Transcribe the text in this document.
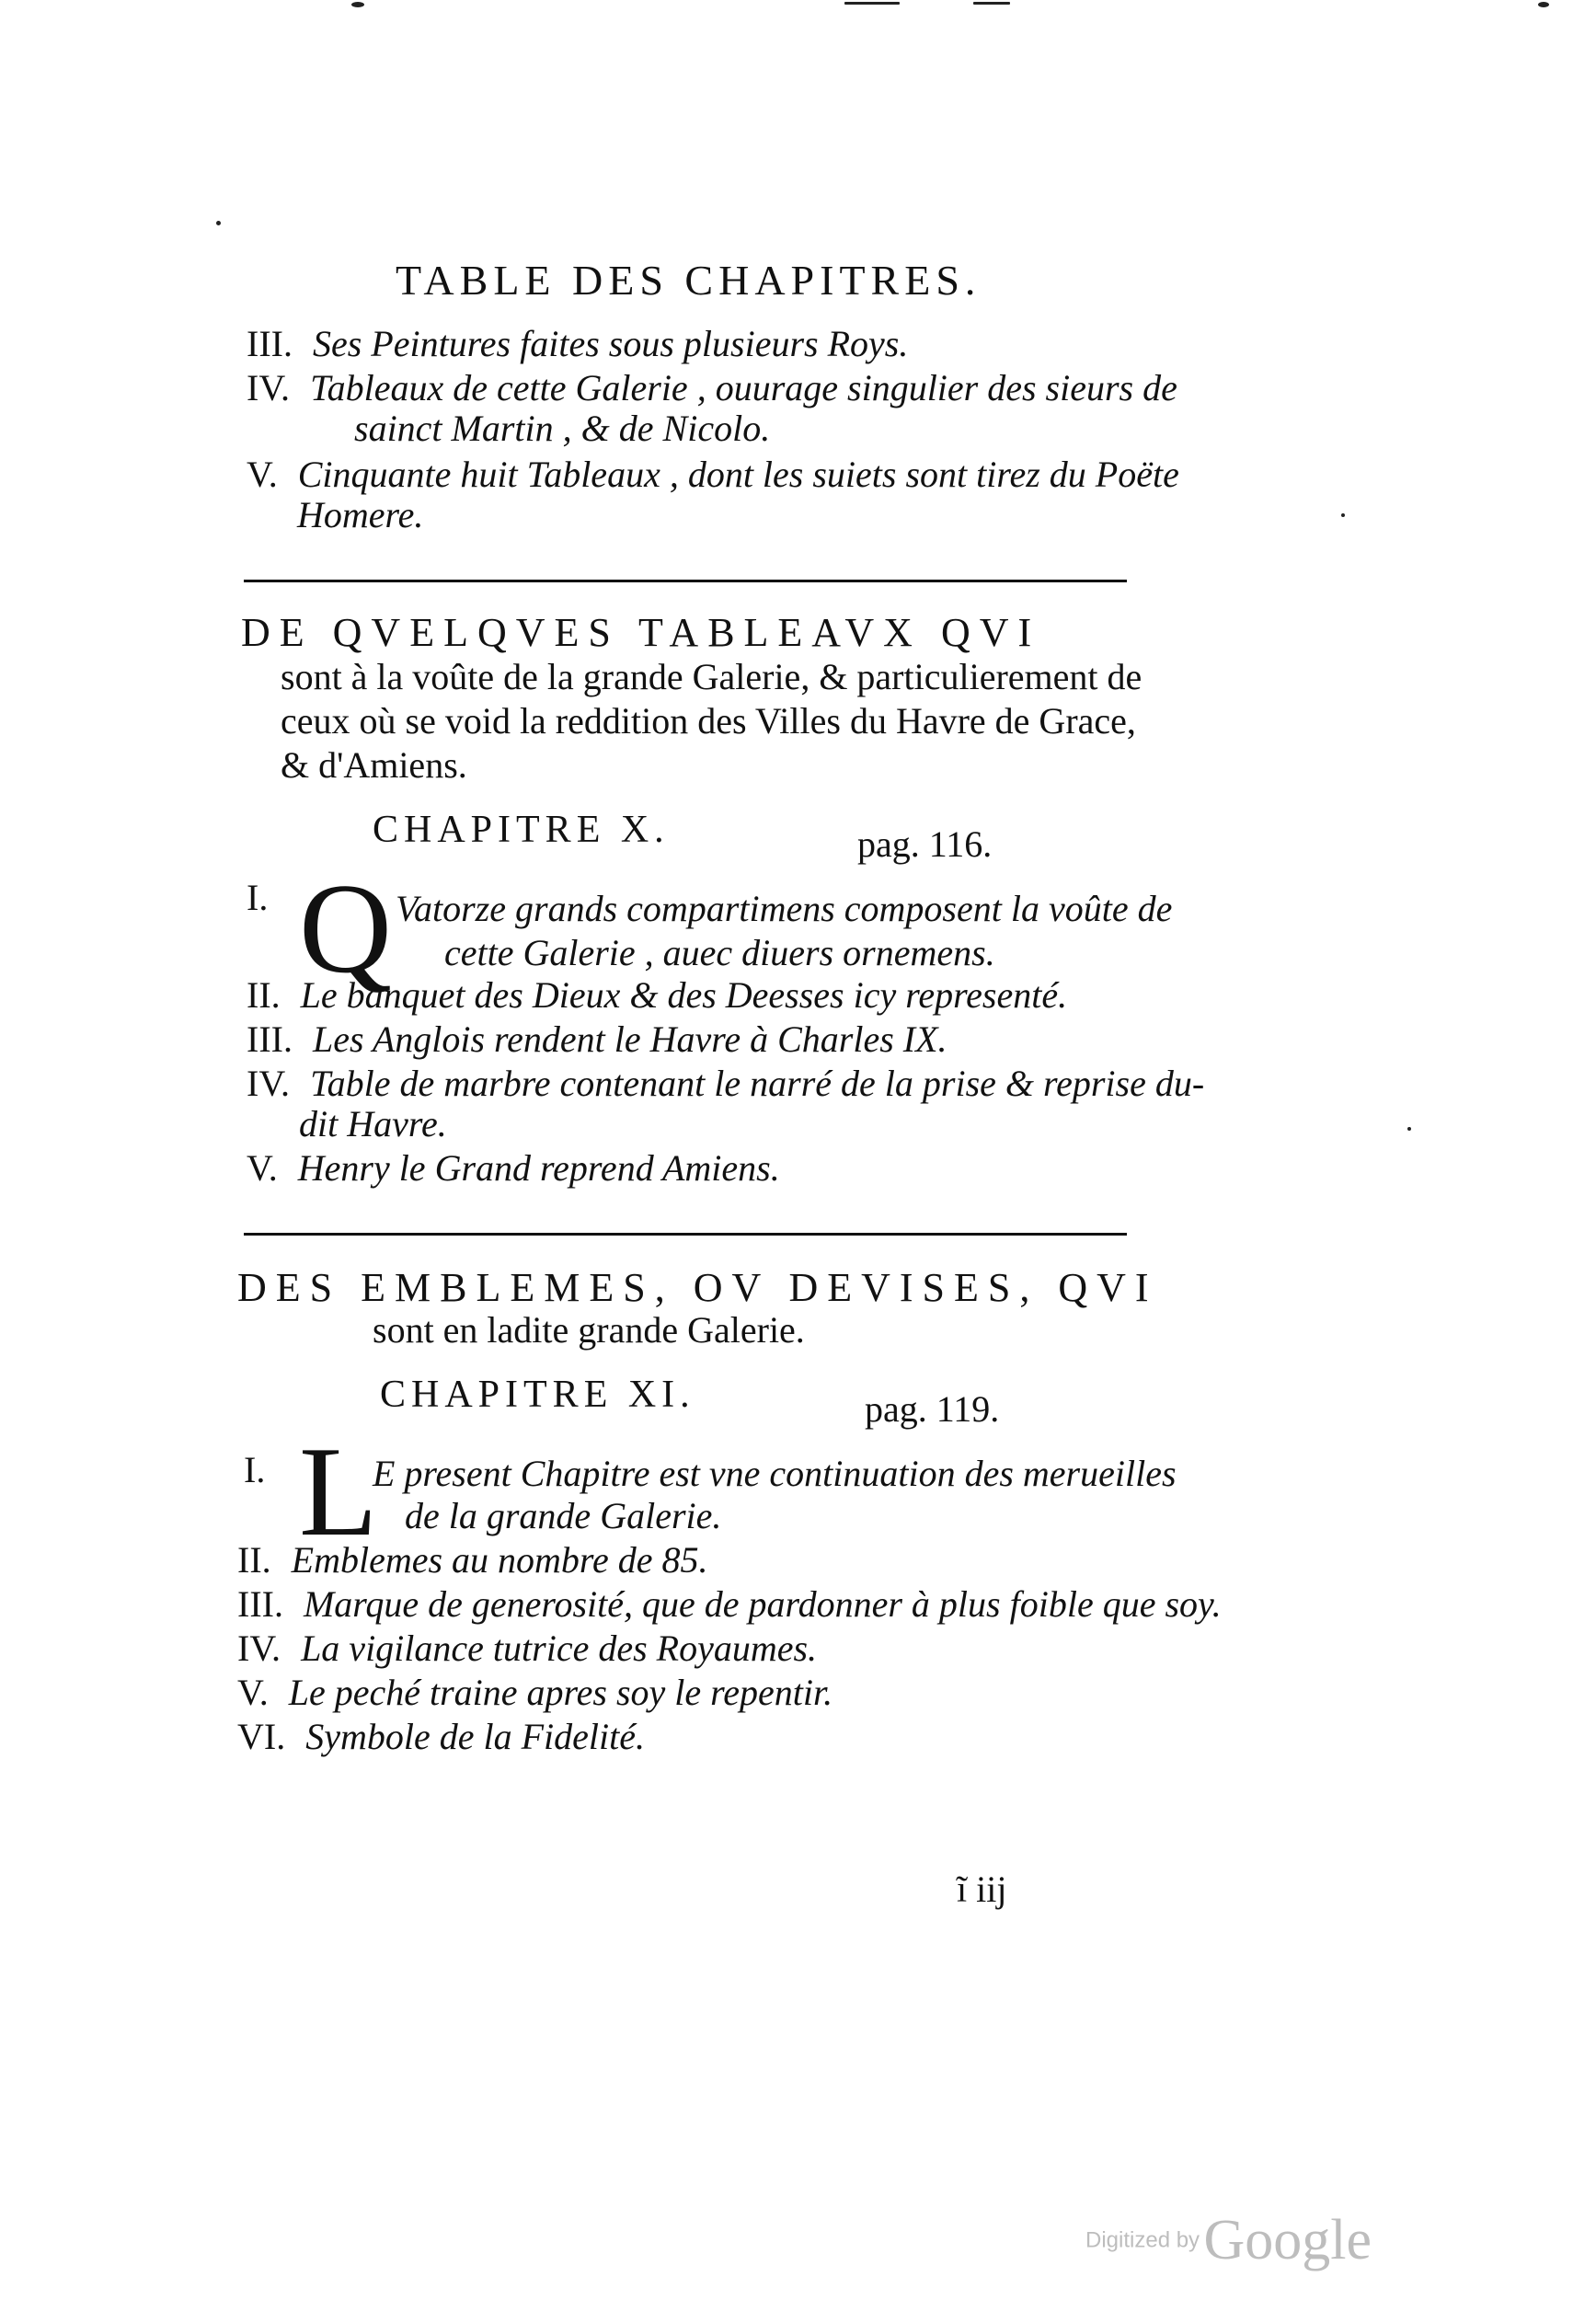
TABLE DES CHAPITRES.
III. Ses Peintures faites sous plusieurs Roys.
IV. Tableaux de cette Galerie , ouurage singulier des sieurs de
sainct Martin , & de Nicolo.
V. Cinquante huit Tableaux , dont les suiets sont tirez du Poëte
Homere.
DE QVELQVES TABLEAVX QVI
sont à la voûte de la grande Galerie, & particulierement de
ceux où se void la reddition des Villes du Havre de Grace,
& d'Amiens.
CHAPITRE X.	pag. 116.
I. Q Vatorze grands compartimens composent la voûte de
cette Galerie , auec diuers ornemens.
II. Le banquet des Dieux & des Deesses icy representé.
III. Les Anglois rendent le Havre à Charles IX.
IV. Table de marbre contenant le narré de la prise & reprise du-
dit Havre.
V. Henry le Grand reprend Amiens.
DES EMBLEMES, OV DEVISES, QVI
sont en ladite grande Galerie.
CHAPITRE XI.	pag. 119.
I. L
E present Chapitre est vne continuation des merueilles
de la grande Galerie.
II. Emblemes au nombre de 85.
III. Marque de generosité, que de pardonner à plus foible que soy.
IV. La vigilance tutrice des Royaumes.
V. Le peché traine apres soy le repentir.
VI. Symbole de la Fidelité.
ĩ iij
Digitized by Google
